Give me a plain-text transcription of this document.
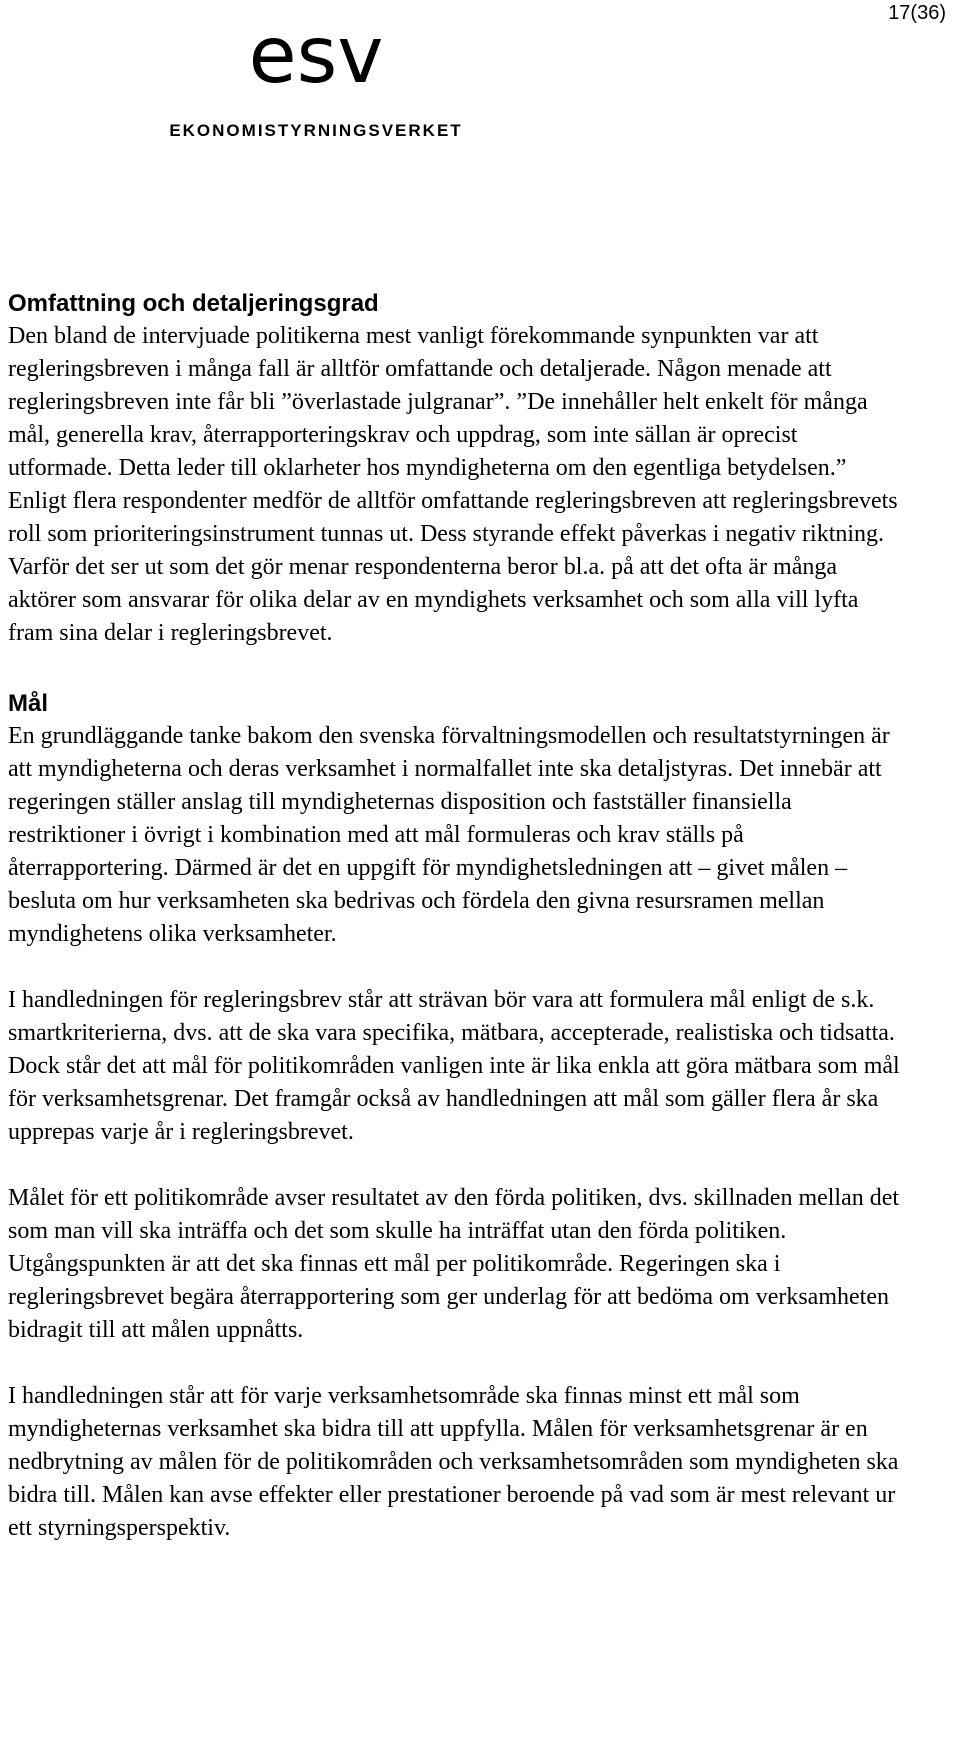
17(36)
esv
EKONOMISTYRNINGSVERKET
Omfattning och detaljeringsgrad

Den bland de intervjuade politikerna mest vanligt förekommande synpunkten var att regleringsbreven i många fall är alltför omfattande och detaljerade. Någon menade att regleringsbreven inte får bli ”överlastade julgranar”. ”De innehåller helt enkelt för många mål, generella krav, återrapporteringskrav och uppdrag, som inte sällan är oprecist utformade. Detta leder till oklarheter hos myndigheterna om den egentliga betydelsen.” Enligt flera respondenter medför de alltför omfattande regleringsbreven att regleringsbrevets roll som prioriteringsinstrument tunnas ut. Dess styrande effekt påverkas i negativ riktning. Varför det ser ut som det gör menar respondenterna beror bl.a. på att det ofta är många aktörer som ansvarar för olika delar av en myndighets verksamhet och som alla vill lyfta fram sina delar i regleringsbrevet.

Mål

En grundläggande tanke bakom den svenska förvaltningsmodellen och resultatstyrningen är att myndigheterna och deras verksamhet i normalfallet inte ska detaljstyras. Det innebär att regeringen ställer anslag till myndigheternas disposition och fastställer finansiella restriktioner i övrigt i kombination med att mål formuleras och krav ställs på återrapportering. Därmed är det en uppgift för myndighetsledningen att – givet målen – besluta om hur verksamheten ska bedrivas och fördela den givna resursramen mellan myndighetens olika verksamheter.

I handledningen för regleringsbrev står att strävan bör vara att formulera mål enligt de s.k. smartkriterierna, dvs. att de ska vara specifika, mätbara, accepterade, realistiska och tidsatta. Dock står det att mål för politikområden vanligen inte är lika enkla att göra mätbara som mål för verksamhetsgrenar. Det framgår också av handledningen att mål som gäller flera år ska upprepas varje år i regleringsbrevet.

Målet för ett politikområde avser resultatet av den förda politiken, dvs. skillnaden mellan det som man vill ska inträffa och det som skulle ha inträffat utan den förda politiken. Utgångspunkten är att det ska finnas ett mål per politikområde. Regeringen ska i regleringsbrevet begära återrapportering som ger underlag för att bedöma om verksamheten bidragit till att målen uppnåtts.

I handledningen står att för varje verksamhetsområde ska finnas minst ett mål som myndigheternas verksamhet ska bidra till att uppfylla. Målen för verksamhetsgrenar är en nedbrytning av målen för de politikområden och verksamhetsområden som myndigheten ska bidra till. Målen kan avse effekter eller prestationer beroende på vad som är mest relevant ur ett styrningsperspektiv.
